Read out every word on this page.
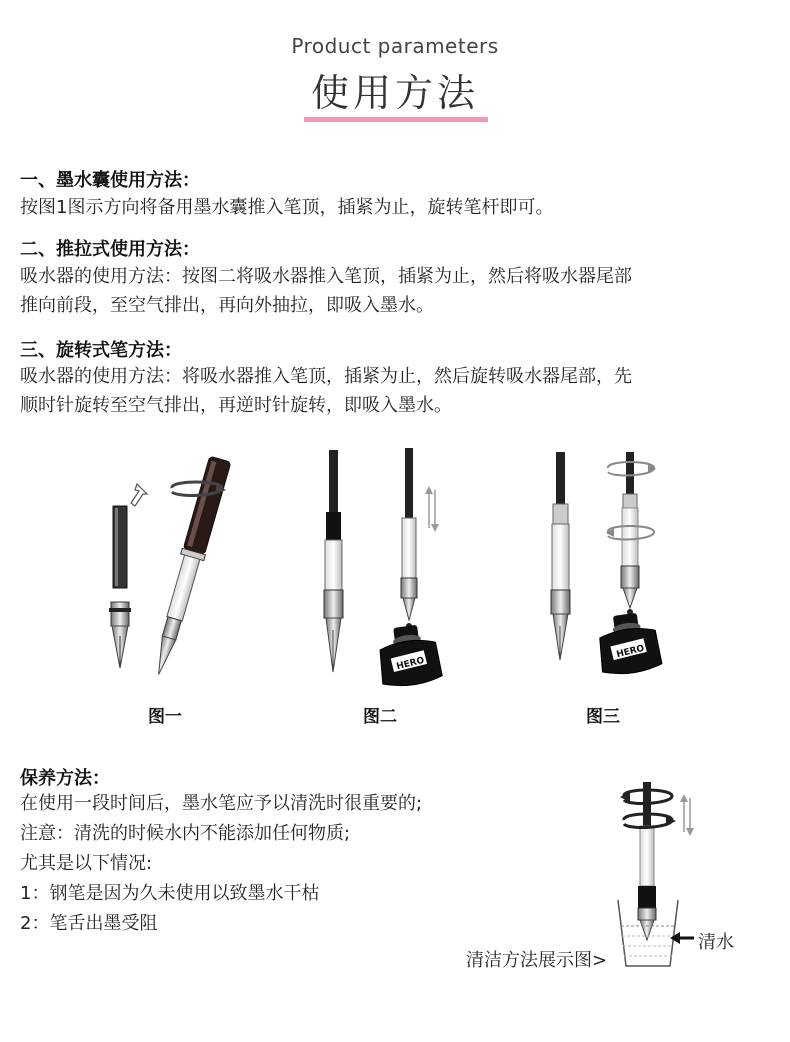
Product parameters
使用方法
一、墨水囊使用方法：
按图1图示方向将备用墨水囊推入笔顶，插紧为止，旋转笔杆即可。
二、推拉式使用方法：
吸水器的使用方法：按图二将吸水器推入笔顶，插紧为止，然后将吸水器尾部
推向前段，至空气排出，再向外抽拉，即吸入墨水。
三、旋转式笔方法：
吸水器的使用方法：将吸水器推入笔顶，插紧为止，然后旋转吸水器尾部，先
顺时针旋转至空气排出，再逆时针旋转，即吸入墨水。
HERO
HERO
图一	图二	图三
保养方法：
在使用一段时间后，墨水笔应予以清洗时很重要的;
注意：清洗的时候水内不能添加任何物质;
尤其是以下情况:
1：钢笔是因为久未使用以致墨水干枯
2：笔舌出墨受阻
清水
清洁方法展示图>
